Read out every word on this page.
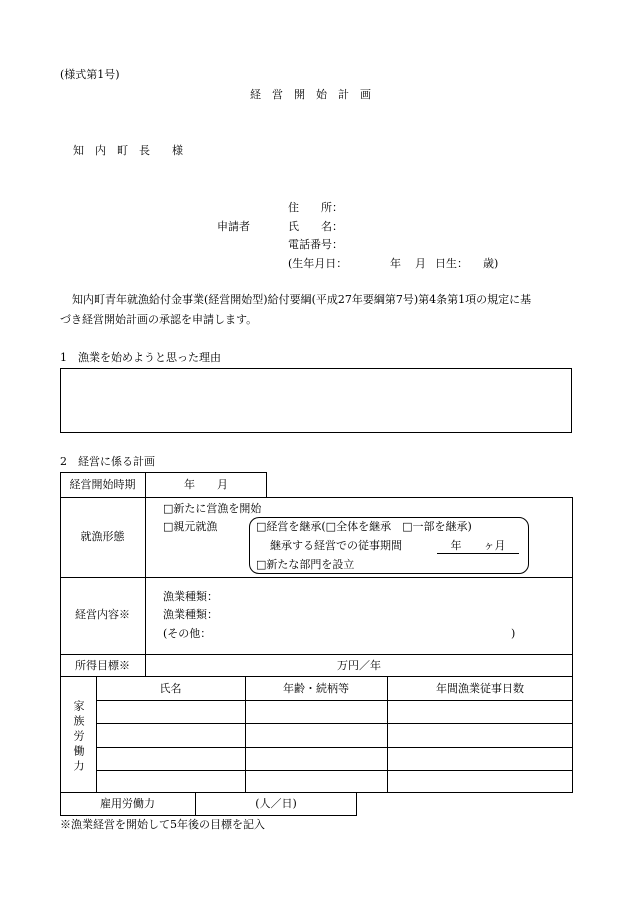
(様式第1号)
経　営　開　始　計　画
知　内　町　長　　様
申請者
住　　所：
氏　　名：
電話番号：
(生年月日：	年 月 日生： 歳)
知内町青年就漁給付金事業(経営開始型)給付要綱(平成27年要綱第7号)第4条第1項の規定に基
づき経営開始計画の承認を申請します。
1　漁業を始めようと思った理由
2　経営に係る計画
経営開始時期	年　　月
就漁形態
□新たに営漁を開始
□親元就漁	□経営を継承(□全体を継承　□一部を継承)
継承する経営での従事期間	年　　ヶ月
□新たな部門を設立
経営内容※
漁業種類：
漁業種類：
(その他：	)
所得目標※	万円／年
家族労働力
氏名	年齢・続柄等	年間漁業従事日数
雇用労働力	(人／日)
※漁業経営を開始して5年後の目標を記入
